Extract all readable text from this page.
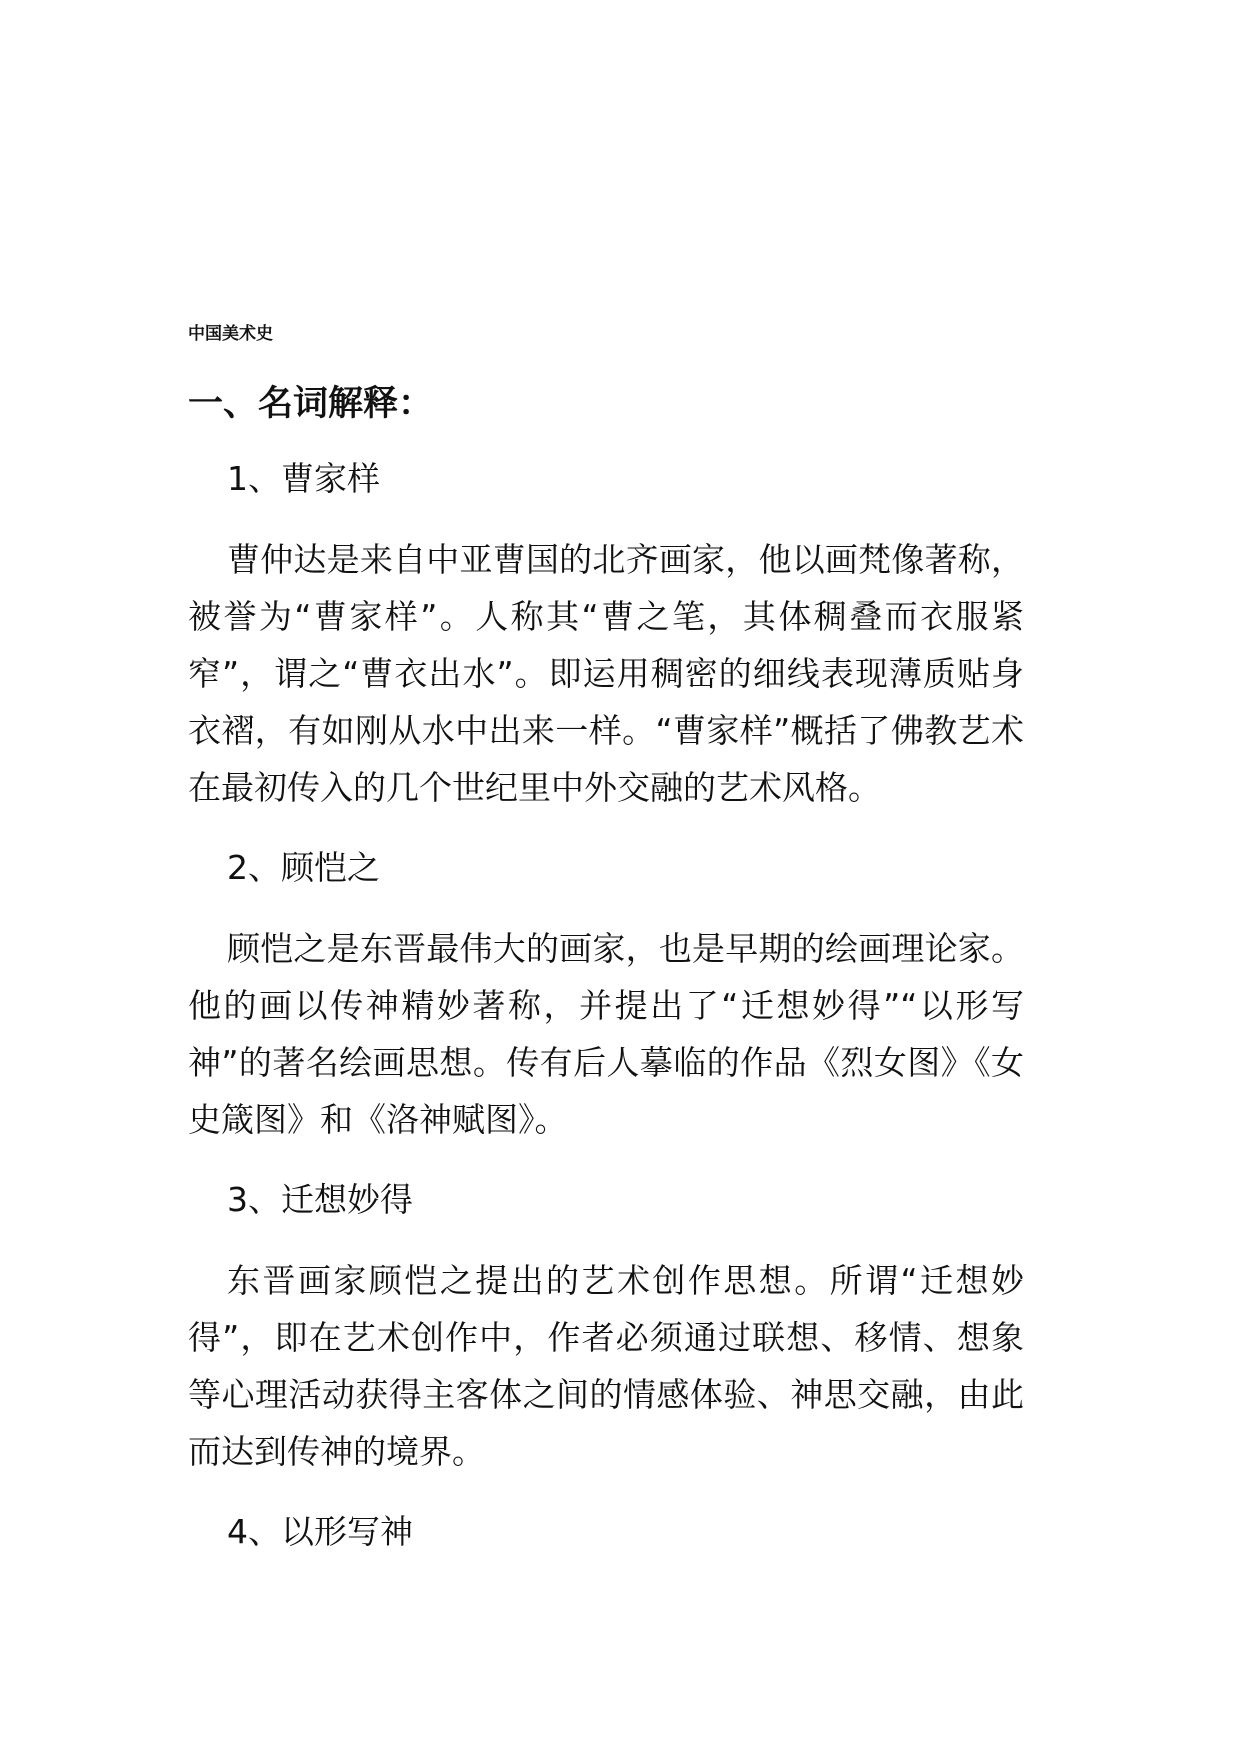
中国美术史
一、名词解释：

1、曹家样

曹仲达是来自中亚曹国的北齐画家，他以画梵像著称，被誉为“曹家样”。人称其“曹之笔，其体稠叠而衣服紧窄”，谓之“曹衣出水”。即运用稠密的细线表现薄质贴身衣褶，有如刚从水中出来一样。“曹家样”概括了佛教艺术在最初传入的几个世纪里中外交融的艺术风格。

2、顾恺之

顾恺之是东晋最伟大的画家，也是早期的绘画理论家。他的画以传神精妙著称，并提出了“迁想妙得”“以形写神”的著名绘画思想。传有后人摹临的作品《烈女图》《女史箴图》和《洛神赋图》。

3、迁想妙得

东晋画家顾恺之提出的艺术创作思想。所谓“迁想妙得”，即在艺术创作中，作者必须通过联想、移情、想象等心理活动获得主客体之间的情感体验、神思交融，由此而达到传神的境界。

4、以形写神
